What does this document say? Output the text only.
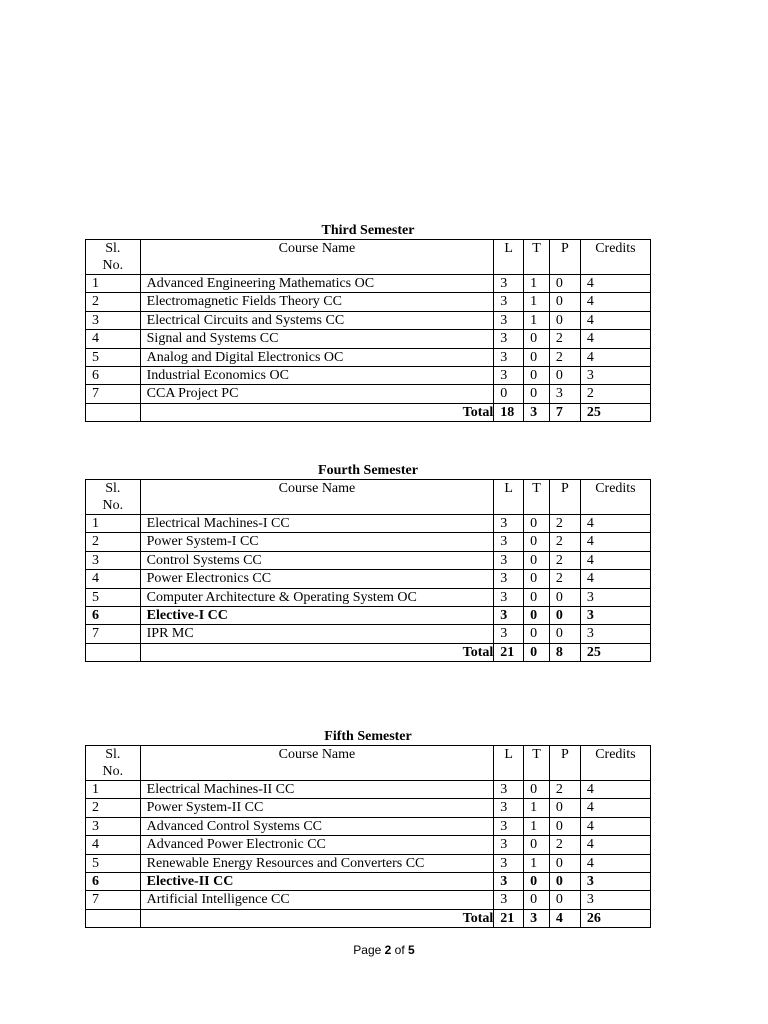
Third Semester
Sl.
No.	Course Name	L	T	P	Credits
1	Advanced Engineering Mathematics OC	3	1	0	4
2	Electromagnetic Fields Theory CC	3	1	0	4
3	Electrical Circuits and Systems CC	3	1	0	4
4	Signal and Systems CC	3	0	2	4
5	Analog and Digital Electronics OC	3	0	2	4
6	Industrial Economics OC	3	0	0	3
7	CCA Project PC	0	0	3	2
	Total	18	3	7	25
Fourth Semester
Sl.
No.	Course Name	L	T	P	Credits
1	Electrical Machines-I CC	3	0	2	4
2	Power System-I CC	3	0	2	4
3	Control Systems CC	3	0	2	4
4	Power Electronics CC	3	0	2	4
5	Computer Architecture & Operating System OC	3	0	0	3
6	Elective-I CC	3	0	0	3
7	IPR MC	3	0	0	3
	Total	21	0	8	25
Fifth Semester
Sl.
No.	Course Name	L	T	P	Credits
1	Electrical Machines-II CC	3	0	2	4
2	Power System-II CC	3	1	0	4
3	Advanced Control Systems CC	3	1	0	4
4	Advanced Power Electronic CC	3	0	2	4
5	Renewable Energy Resources and Converters CC	3	1	0	4
6	Elective-II CC	3	0	0	3
7	Artificial Intelligence CC	3	0	0	3
	Total	21	3	4	26
Page 2 of 5
